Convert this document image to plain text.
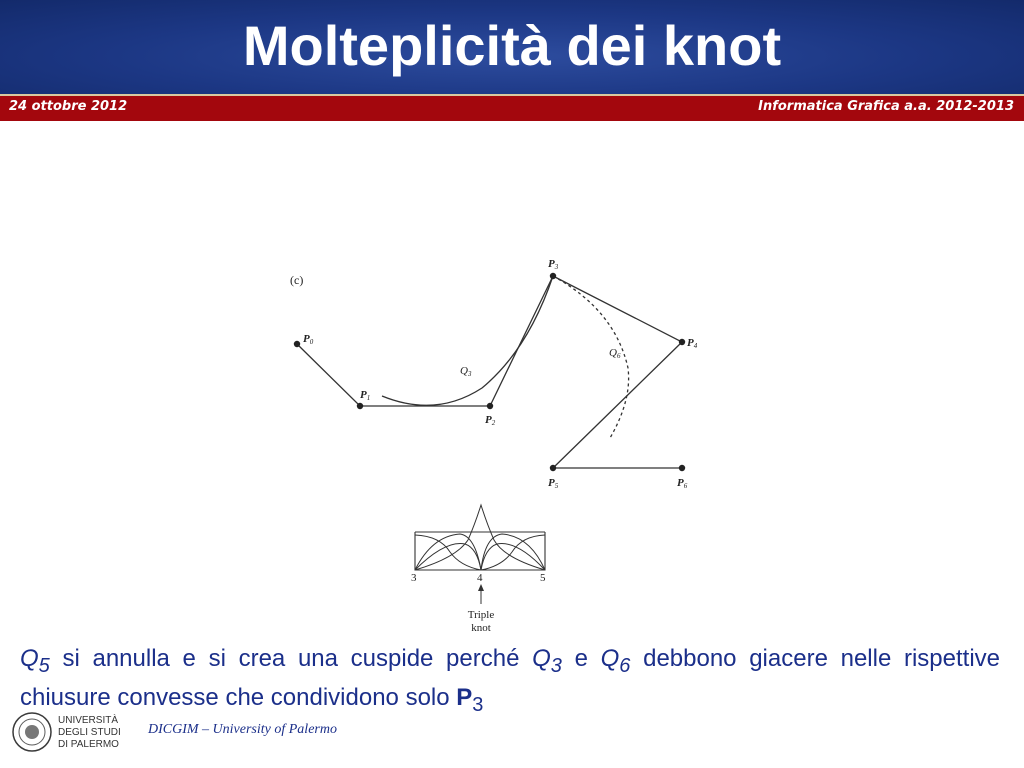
Molteplicità dei knot
24 ottobre 2012	Informatica Grafica a.a. 2012-2013
(c)
P0
P1
P2
P3
P4
P5	P6
Q3
Q6
3	4	5
Triple
knot
$Q_5$ si annulla e si crea una cuspide perché $Q_3$ e $Q_6$ debbono giacere nelle rispettive chiusure convesse che condividono solo $P_3$
UNIVERSITÀ
DEGLI STUDI
DI PALERMO
DICGIM – University of Palermo
